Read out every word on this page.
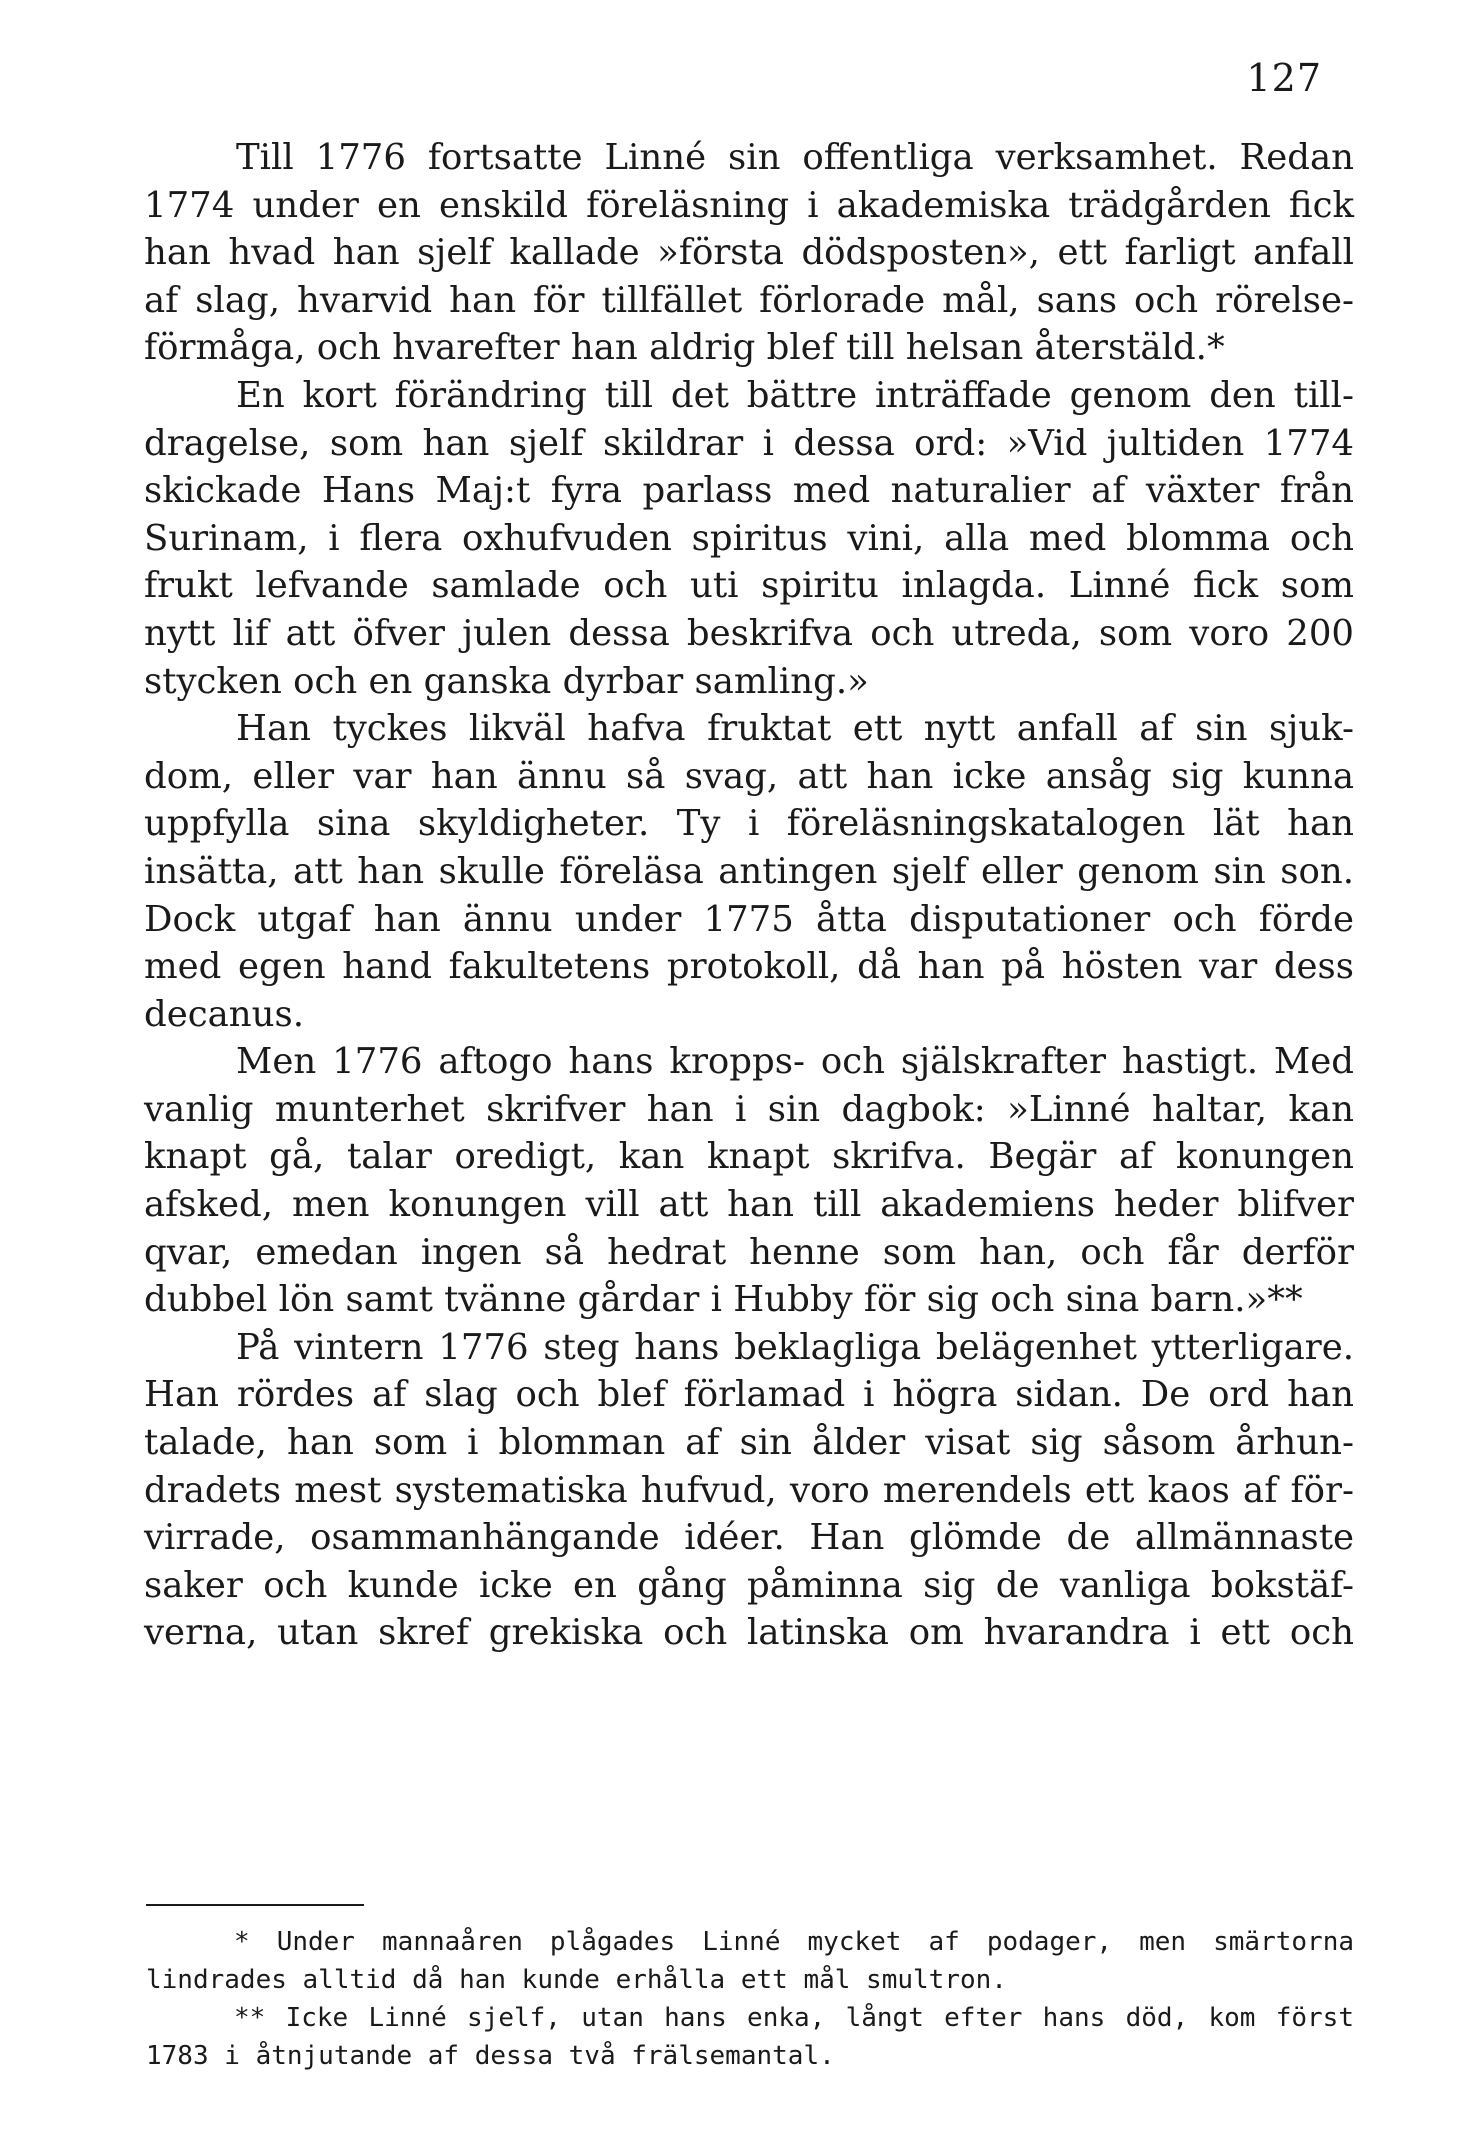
127
Till 1776 fortsatte Linné sin offentliga verksamhet. Redan
1774 under en enskild föreläsning i akademiska trädgården fick
han hvad han sjelf kallade »första dödsposten», ett farligt anfall
af slag, hvarvid han för tillfället förlorade mål, sans och rörelse-
förmåga, och hvarefter han aldrig blef till helsan återstäld.*
En kort förändring till det bättre inträffade genom den till-
dragelse, som han sjelf skildrar i dessa ord: »Vid jultiden 1774
skickade Hans Maj:t fyra parlass med naturalier af växter från
Surinam, i flera oxhufvuden spiritus vini, alla med blomma och
frukt lefvande samlade och uti spiritu inlagda. Linné fick som
nytt lif att öfver julen dessa beskrifva och utreda, som voro 200
stycken och en ganska dyrbar samling.»
Han tyckes likväl hafva fruktat ett nytt anfall af sin sjuk-
dom, eller var han ännu så svag, att han icke ansåg sig kunna
uppfylla sina skyldigheter. Ty i föreläsningskatalogen lät han
insätta, att han skulle föreläsa antingen sjelf eller genom sin son.
Dock utgaf han ännu under 1775 åtta disputationer och förde
med egen hand fakultetens protokoll, då han på hösten var dess
decanus.
Men 1776 aftogo hans kropps- och själskrafter hastigt. Med
vanlig munterhet skrifver han i sin dagbok: »Linné haltar, kan
knapt gå, talar oredigt, kan knapt skrifva. Begär af konungen
afsked, men konungen vill att han till akademiens heder blifver
qvar, emedan ingen så hedrat henne som han, och får derför
dubbel lön samt tvänne gårdar i Hubby för sig och sina barn.»**
På vintern 1776 steg hans beklagliga belägenhet ytterligare.
Han rördes af slag och blef förlamad i högra sidan. De ord han
talade, han som i blomman af sin ålder visat sig såsom århun-
dradets mest systematiska hufvud, voro merendels ett kaos af för-
virrade, osammanhängande idéer. Han glömde de allmännaste
saker och kunde icke en gång påminna sig de vanliga bokstäf-
verna, utan skref grekiska och latinska om hvarandra i ett och
* Under mannaåren plågades Linné mycket af podager, men smärtorna
lindrades alltid då han kunde erhålla ett mål smultron.
** Icke Linné sjelf, utan hans enka, långt efter hans död, kom först
1783 i åtnjutande af dessa två frälsemantal.
